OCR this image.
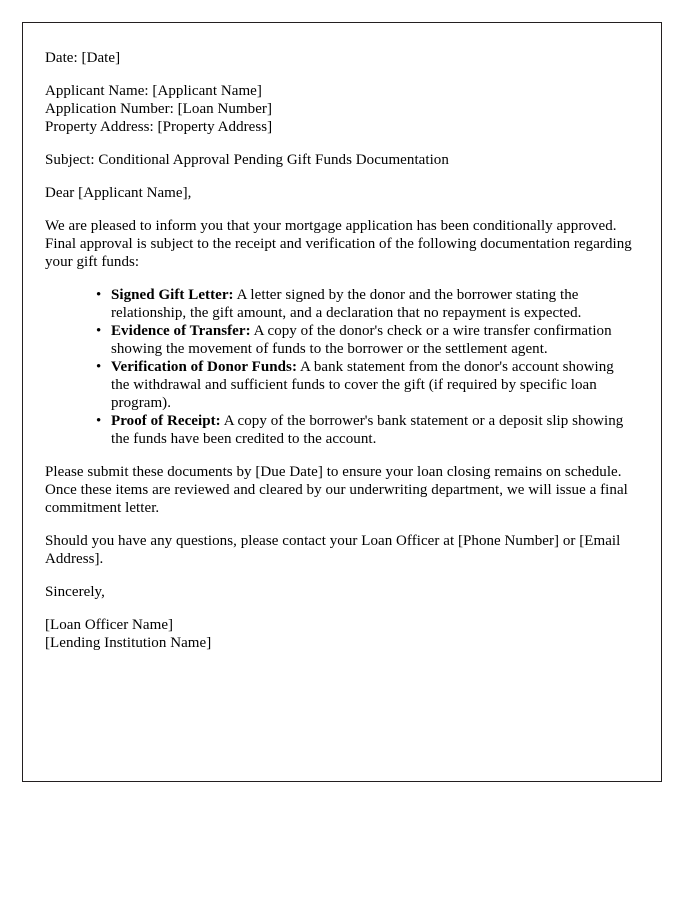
Date: [Date]

Applicant Name: [Applicant Name]

Application Number: [Loan Number]

Property Address: [Property Address]

Subject: Conditional Approval Pending Gift Funds Documentation

Dear [Applicant Name],

We are pleased to inform you that your mortgage application has been conditionally approved. Final approval is subject to the receipt and verification of the following documentation regarding your gift funds:

• Signed Gift Letter: A letter signed by the donor and the borrower stating the relationship, the gift amount, and a declaration that no repayment is expected.
• Evidence of Transfer: A copy of the donor's check or a wire transfer confirmation showing the movement of funds to the borrower or the settlement agent.
• Verification of Donor Funds: A bank statement from the donor's account showing the withdrawal and sufficient funds to cover the gift (if required by specific loan program).
• Proof of Receipt: A copy of the borrower's bank statement or a deposit slip showing the funds have been credited to the account.

Please submit these documents by [Due Date] to ensure your loan closing remains on schedule. Once these items are reviewed and cleared by our underwriting department, we will issue a final commitment letter.

Should you have any questions, please contact your Loan Officer at [Phone Number] or [Email Address].

Sincerely,

[Loan Officer Name]

[Lending Institution Name]
